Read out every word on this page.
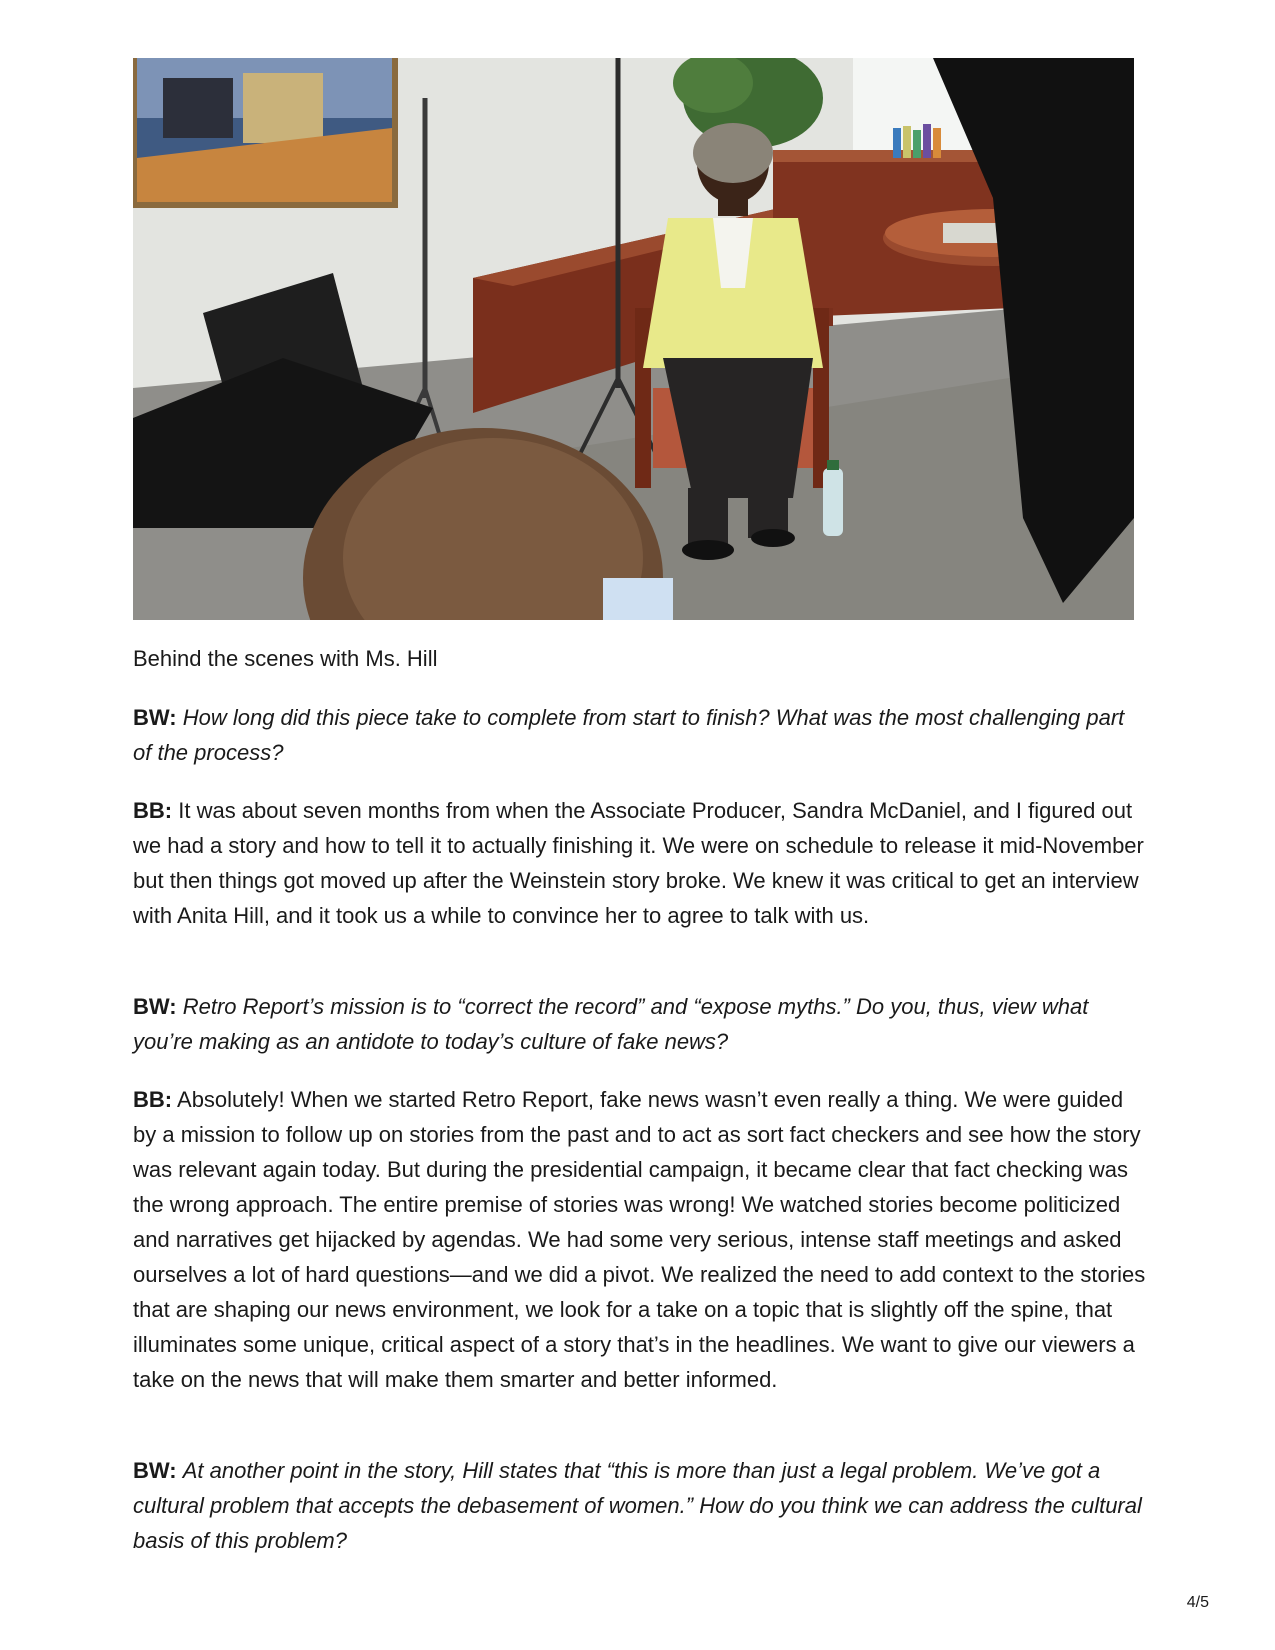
Behind the scenes with Ms. Hill

BW: How long did this piece take to complete from start to finish? What was the most challenging part of the process?

BB: It was about seven months from when the Associate Producer, Sandra McDaniel, and I figured out we had a story and how to tell it to actually finishing it. We were on schedule to release it mid-November but then things got moved up after the Weinstein story broke. We knew it was critical to get an interview with Anita Hill, and it took us a while to convince her to agree to talk with us.

BW: Retro Report’s mission is to “correct the record” and “expose myths.” Do you, thus, view what you’re making as an antidote to today’s culture of fake news?

BB: Absolutely! When we started Retro Report, fake news wasn’t even really a thing. We were guided by a mission to follow up on stories from the past and to act as sort fact checkers and see how the story was relevant again today. But during the presidential campaign, it became clear that fact checking was the wrong approach. The entire premise of stories was wrong! We watched stories become politicized and narratives get hijacked by agendas. We had some very serious, intense staff meetings and asked ourselves a lot of hard questions—and we did a pivot. We realized the need to add context to the stories that are shaping our news environment, we look for a take on a topic that is slightly off the spine, that illuminates some unique, critical aspect of a story that’s in the headlines. We want to give our viewers a take on the news that will make them smarter and better informed.

BW: At another point in the story, Hill states that “this is more than just a legal problem. We’ve got a cultural problem that accepts the debasement of women.” How do you think we can address the cultural basis of this problem?

4/5
